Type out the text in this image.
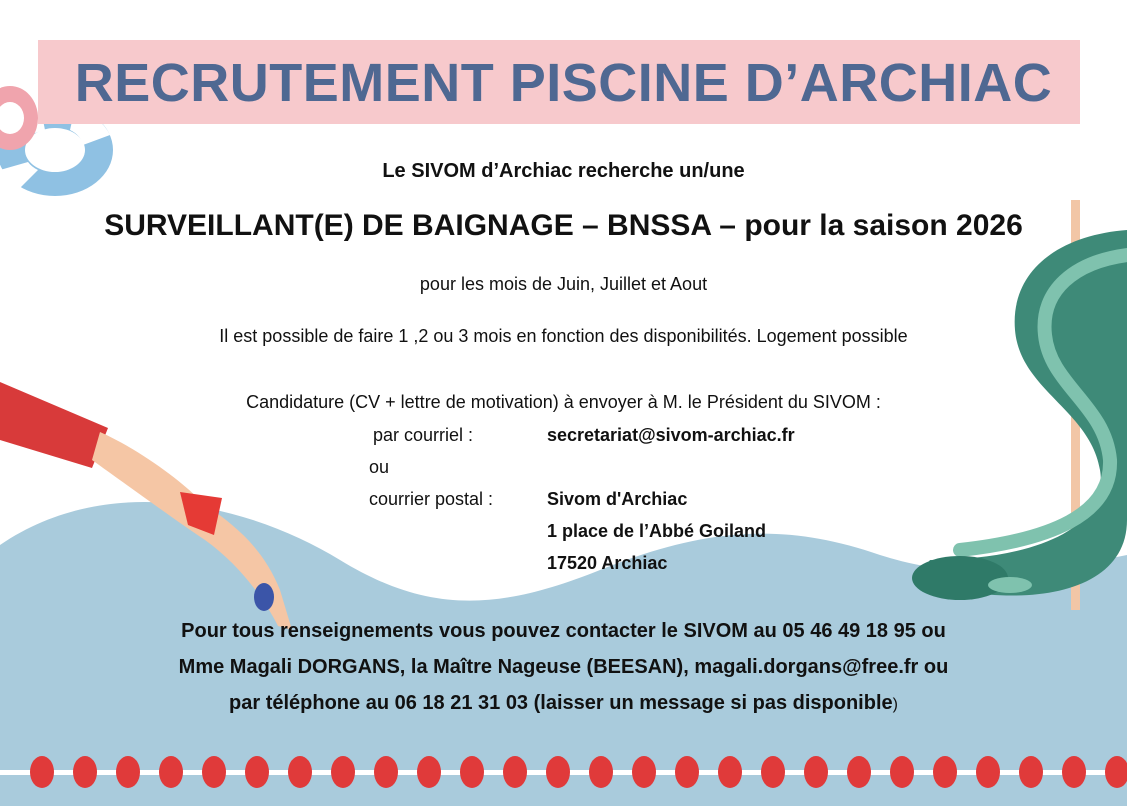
RECRUTEMENT PISCINE D’ARCHIAC
Le SIVOM d’Archiac recherche un/une
SURVEILLANT(E) DE BAIGNAGE – BNSSA – pour la saison 2026
pour les mois de Juin, Juillet et Aout
Il est possible de faire 1 ,2 ou 3 mois en fonction des disponibilités. Logement possible
Candidature (CV + lettre de motivation) à envoyer à M. le Président du SIVOM :
par courriel :	secretariat@sivom-archiac.fr
ou
courrier postal :	Sivom d'Archiac
1 place de l’Abbé Goiland
17520 Archiac
Pour tous renseignements vous pouvez contacter le SIVOM au 05 46 49 18 95 ou
Mme Magali DORGANS, la Maître Nageuse (BEESAN), magali.dorgans@free.fr ou
par téléphone au 06 18 21 31 03 (laisser un message si pas disponible)
